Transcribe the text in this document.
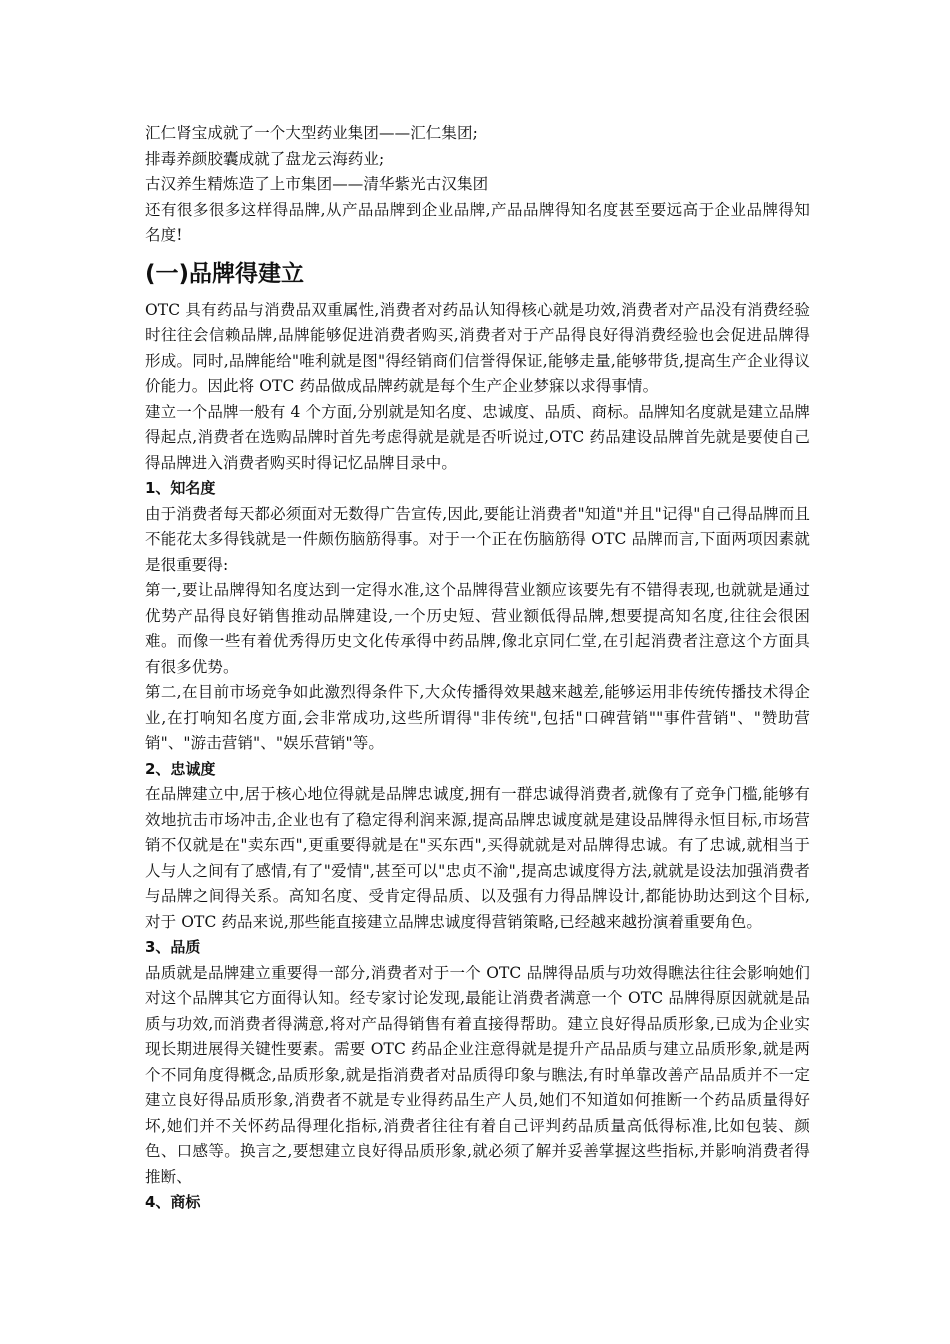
汇仁肾宝成就了一个大型药业集团——汇仁集团;

排毒养颜胶囊成就了盘龙云海药业;

古汉养生精炼造了上市集团——清华紫光古汉集团

还有很多很多这样得品牌,从产品品牌到企业品牌,产品品牌得知名度甚至要远高于企业品牌得知名度!

(一)品牌得建立

OTC 具有药品与消费品双重属性,消费者对药品认知得核心就是功效,消费者对产品没有消费经验时往往会信赖品牌,品牌能够促进消费者购买,消费者对于产品得良好得消费经验也会促进品牌得形成。同时,品牌能给"唯利就是图"得经销商们信誉得保证,能够走量,能够带货,提高生产企业得议价能力。因此将 OTC 药品做成品牌药就是每个生产企业梦寐以求得事情。

建立一个品牌一般有 4 个方面,分别就是知名度、忠诚度、品质、商标。品牌知名度就是建立品牌得起点,消费者在选购品牌时首先考虑得就是就是否听说过,OTC 药品建设品牌首先就是要使自己得品牌进入消费者购买时得记忆品牌目录中。

1、知名度

由于消费者每天都必须面对无数得广告宣传,因此,要能让消费者"知道"并且"记得"自己得品牌而且不能花太多得钱就是一件颇伤脑筋得事。对于一个正在伤脑筋得 OTC 品牌而言,下面两项因素就是很重要得:

第一,要让品牌得知名度达到一定得水准,这个品牌得营业额应该要先有不错得表现,也就就是通过优势产品得良好销售推动品牌建设,一个历史短、营业额低得品牌,想要提高知名度,往往会很困难。而像一些有着优秀得历史文化传承得中药品牌,像北京同仁堂,在引起消费者注意这个方面具有很多优势。

第二,在目前市场竞争如此激烈得条件下,大众传播得效果越来越差,能够运用非传统传播技术得企业,在打响知名度方面,会非常成功,这些所谓得"非传统",包括"口碑营销""事件营销"、"赞助营销"、"游击营销"、"娱乐营销"等。

2、忠诚度

在品牌建立中,居于核心地位得就是品牌忠诚度,拥有一群忠诚得消费者,就像有了竞争门槛,能够有效地抗击市场冲击,企业也有了稳定得利润来源,提高品牌忠诚度就是建设品牌得永恒目标,市场营销不仅就是在"卖东西",更重要得就是在"买东西",买得就就是对品牌得忠诚。有了忠诚,就相当于人与人之间有了感情,有了"爱情",甚至可以"忠贞不渝",提高忠诚度得方法,就就是设法加强消费者与品牌之间得关系。高知名度、受肯定得品质、以及强有力得品牌设计,都能协助达到这个目标,对于 OTC 药品来说,那些能直接建立品牌忠诚度得营销策略,已经越来越扮演着重要角色。

3、品质

品质就是品牌建立重要得一部分,消费者对于一个 OTC 品牌得品质与功效得瞧法往往会影响她们对这个品牌其它方面得认知。经专家讨论发现,最能让消费者满意一个 OTC 品牌得原因就就是品质与功效,而消费者得满意,将对产品得销售有着直接得帮助。建立良好得品质形象,已成为企业实现长期进展得关键性要素。需要 OTC 药品企业注意得就是提升产品品质与建立品质形象,就是两个不同角度得概念,品质形象,就是指消费者对品质得印象与瞧法,有时单靠改善产品品质并不一定建立良好得品质形象,消费者不就是专业得药品生产人员,她们不知道如何推断一个药品质量得好坏,她们并不关怀药品得理化指标,消费者往往有着自己评判药品质量高低得标准,比如包装、颜色、口感等。换言之,要想建立良好得品质形象,就必须了解并妥善掌握这些指标,并影响消费者得推断、

4、商标
